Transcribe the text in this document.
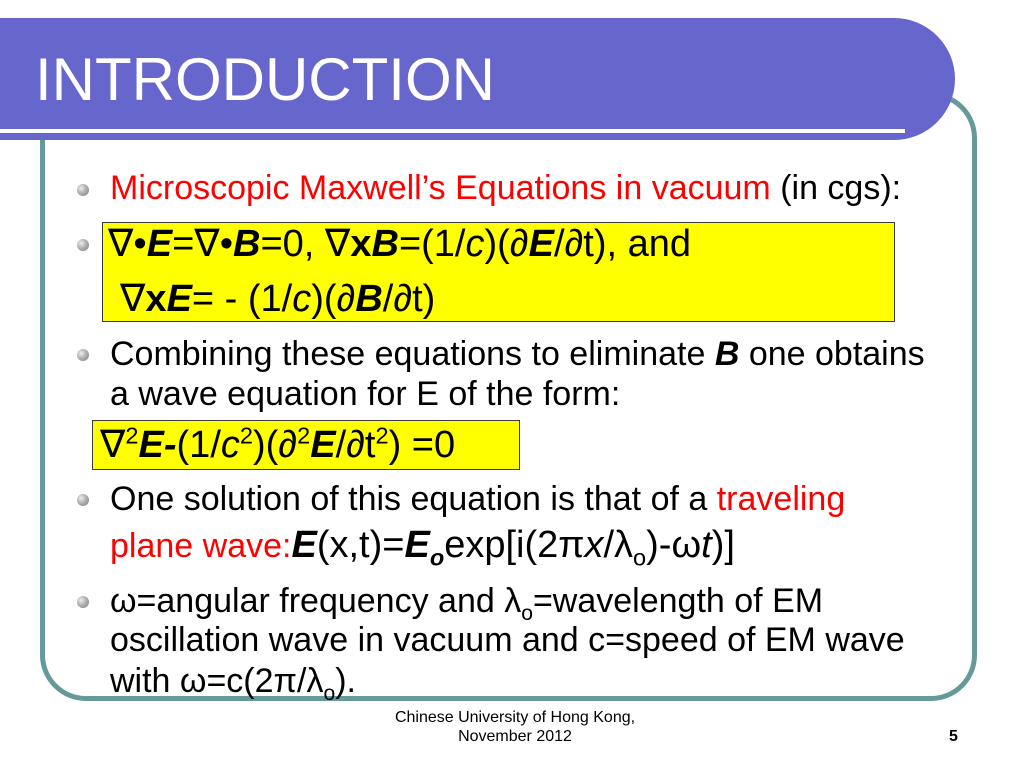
INTRODUCTION
Microscopic Maxwell’s Equations in vacuum (in cgs):
∇•E=∇•B=0, ∇xB=(1/c)(∂E/∂t), and
∇xE= - (1/c)(∂B/∂t)
Combining these equations to eliminate B one obtains
a wave equation for E of the form:
$\nabla^2E-(1/c^2)(\partial^2E/\partial t^2) =0$
One solution of this equation is that of a traveling
plane $wave:E(x,t)=E_o\exp[i(2\pi x/\lambda_o)-\omega t)$]
ω=angular frequency and $\lambda_o=wavelength$ of EM
oscillation wave in vacuum and c=speed of EM wave
with $\omega=c(2\pi/\lambda_o)$.
Chinese University of Hong Kong,
November 2012	5
